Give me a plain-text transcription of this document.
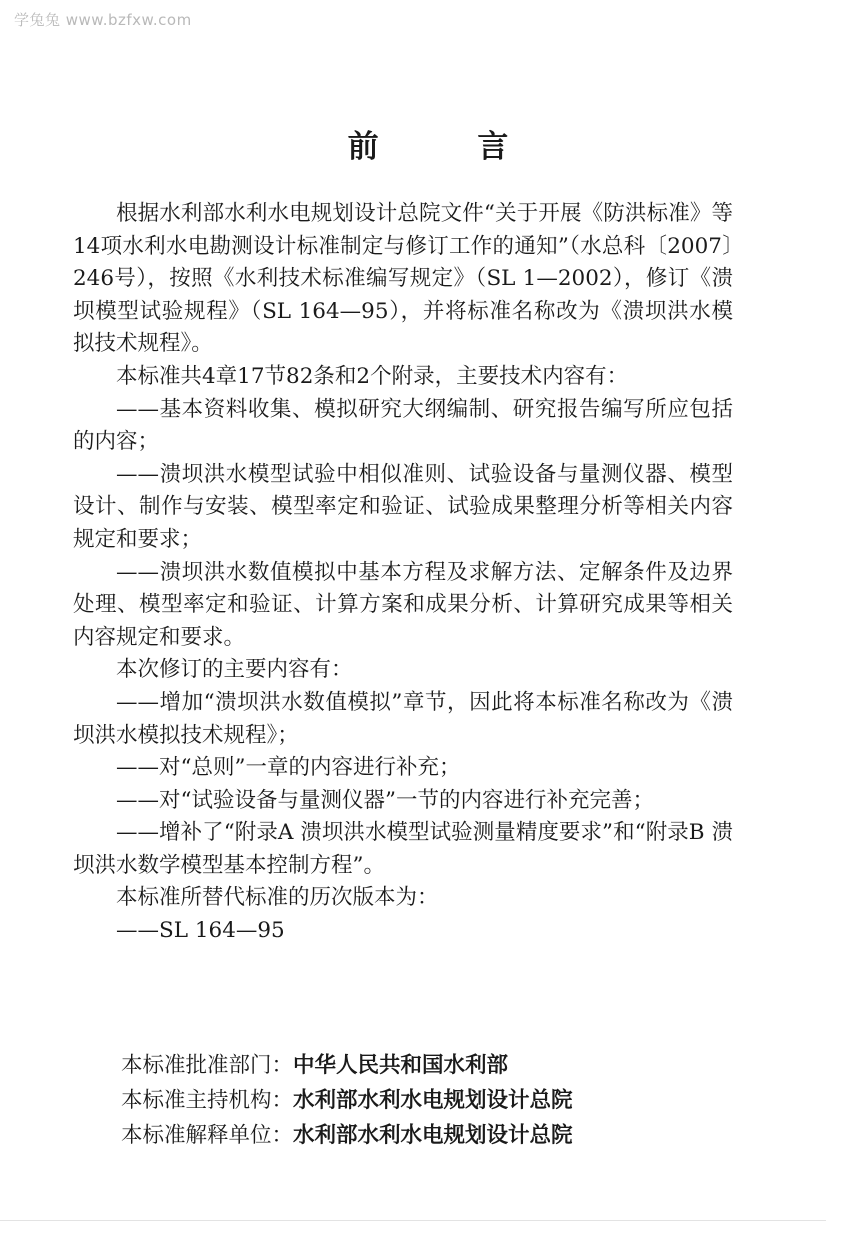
学兔兔 www.bzfxw.com
前 言

根据水利部水利水电规划设计总院文件“关于开展《防洪标准》等14项水利水电勘测设计标准制定与修订工作的通知”（水总科〔2007〕246号），按照《水利技术标准编写规定》（SL 1—2002），修订《溃坝模型试验规程》（SL 164—95），并将标准名称改为《溃坝洪水模拟技术规程》。

本标准共4章17节82条和2个附录，主要技术内容有：

——基本资料收集、模拟研究大纲编制、研究报告编写所应包括的内容；

——溃坝洪水模型试验中相似准则、试验设备与量测仪器、模型设计、制作与安装、模型率定和验证、试验成果整理分析等相关内容规定和要求；

——溃坝洪水数值模拟中基本方程及求解方法、定解条件及边界处理、模型率定和验证、计算方案和成果分析、计算研究成果等相关内容规定和要求。

本次修订的主要内容有：

——增加“溃坝洪水数值模拟”章节，因此将本标准名称改为《溃坝洪水模拟技术规程》；

——对“总则”一章的内容进行补充；

——对“试验设备与量测仪器”一节的内容进行补充完善；

——增补了“附录A 溃坝洪水模型试验测量精度要求”和“附录B 溃坝洪水数学模型基本控制方程”。

本标准所替代标准的历次版本为：

——SL 164—95

本标准批准部门：中华人民共和国水利部

本标准主持机构：水利部水利水电规划设计总院

本标准解释单位：水利部水利水电规划设计总院
